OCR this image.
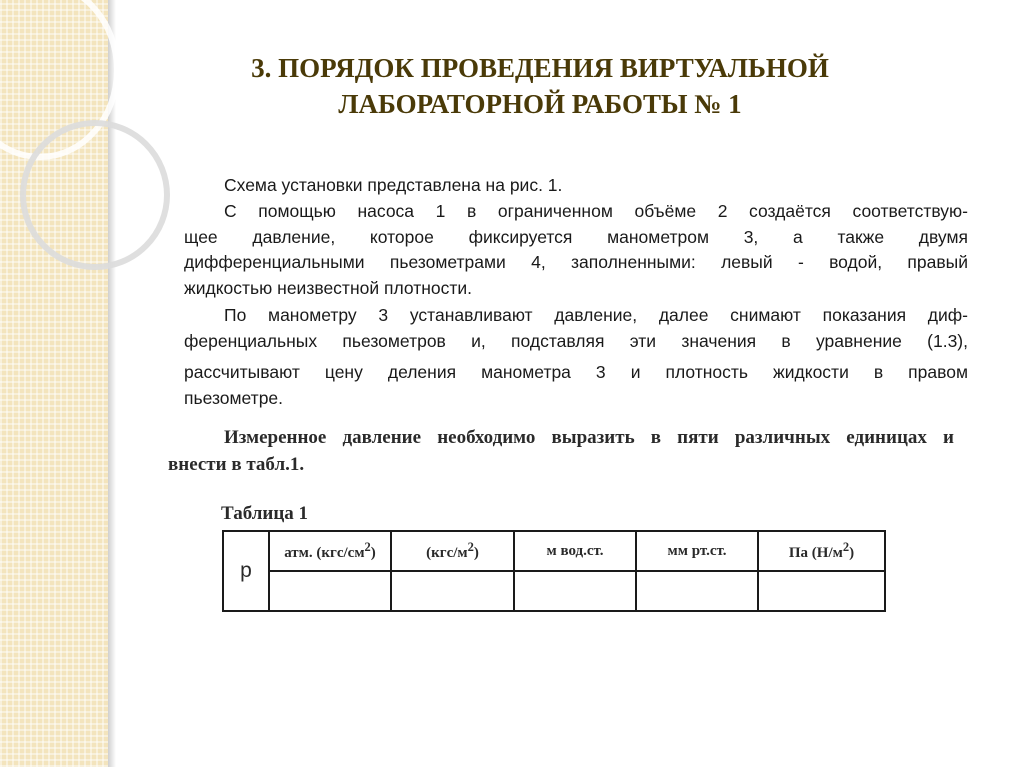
3. ПОРЯДОК ПРОВЕДЕНИЯ ВИРТУАЛЬНОЙ
ЛАБОРАТОРНОЙ РАБОТЫ № 1

Схема установки представлена на рис. 1.

С помощью насоса 1 в ограниченном объёме 2 создаётся соответствую-
щее давление, которое фиксируется манометром 3, а также двумя
дифференциальными пьезометрами 4, заполненными: левый - водой, правый
жидкостью неизвестной плотности.

По манометру 3 устанавливают давление, далее снимают показания диф-
ференциальных пьезометров и, подставляя эти значения в уравнение (1.3),
рассчитывают цену деления манометра 3 и плотность жидкости в правом
пьезометре.

Измеренное давление необходимо выразить в пяти различных единицах и
внести в табл.1.

Таблица 1

p	атм. $(кгс/см^2)$	$(кгс/м^2)$	м вод.ст.	мм рт.ст.	Па $(Н/м^2)$
